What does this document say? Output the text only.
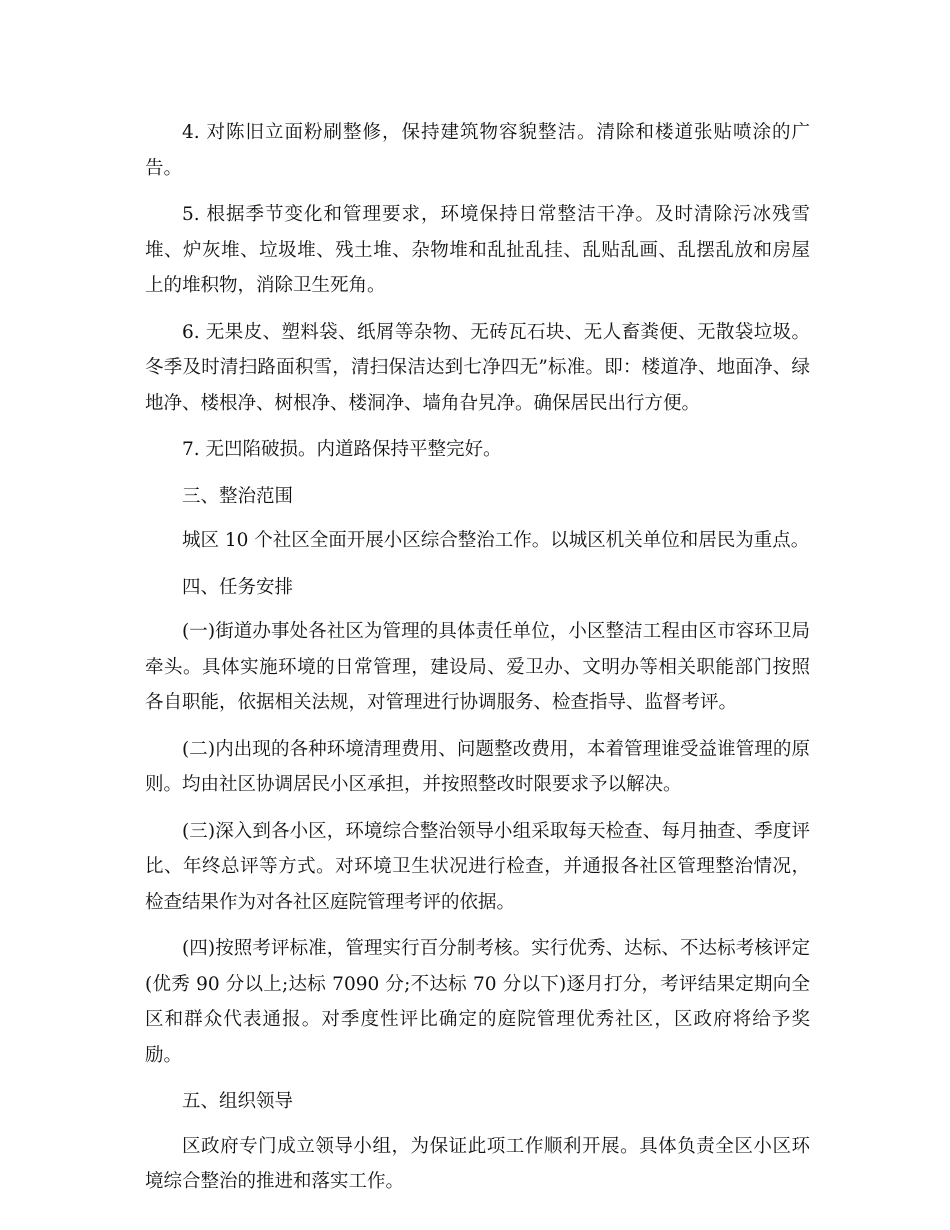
4. 对陈旧立面粉刷整修，保持建筑物容貌整洁。清除和楼道张贴喷涂的广告。

5. 根据季节变化和管理要求，环境保持日常整洁干净。及时清除污冰残雪堆、炉灰堆、垃圾堆、残土堆、杂物堆和乱扯乱挂、乱贴乱画、乱摆乱放和房屋上的堆积物，消除卫生死角。

6. 无果皮、塑料袋、纸屑等杂物、无砖瓦石块、无人畜粪便、无散袋垃圾。冬季及时清扫路面积雪，清扫保洁达到七净四无”标准。即：楼道净、地面净、绿地净、楼根净、树根净、楼洞净、墙角旮旯净。确保居民出行方便。

7. 无凹陷破损。内道路保持平整完好。

三、整治范围

城区 10 个社区全面开展小区综合整治工作。以城区机关单位和居民为重点。

四、任务安排

(一)街道办事处各社区为管理的具体责任单位，小区整洁工程由区市容环卫局牵头。具体实施环境的日常管理，建设局、爱卫办、文明办等相关职能部门按照各自职能，依据相关法规，对管理进行协调服务、检查指导、监督考评。

(二)内出现的各种环境清理费用、问题整改费用，本着管理谁受益谁管理的原则。均由社区协调居民小区承担，并按照整改时限要求予以解决。

(三)深入到各小区，环境综合整治领导小组采取每天检查、每月抽查、季度评比、年终总评等方式。对环境卫生状况进行检查，并通报各社区管理整治情况，检查结果作为对各社区庭院管理考评的依据。

(四)按照考评标准，管理实行百分制考核。实行优秀、达标、不达标考核评定(优秀 90 分以上;达标 7090 分;不达标 70 分以下)逐月打分，考评结果定期向全区和群众代表通报。对季度性评比确定的庭院管理优秀社区，区政府将给予奖励。

五、组织领导

区政府专门成立领导小组，为保证此项工作顺利开展。具体负责全区小区环境综合整治的推进和落实工作。
